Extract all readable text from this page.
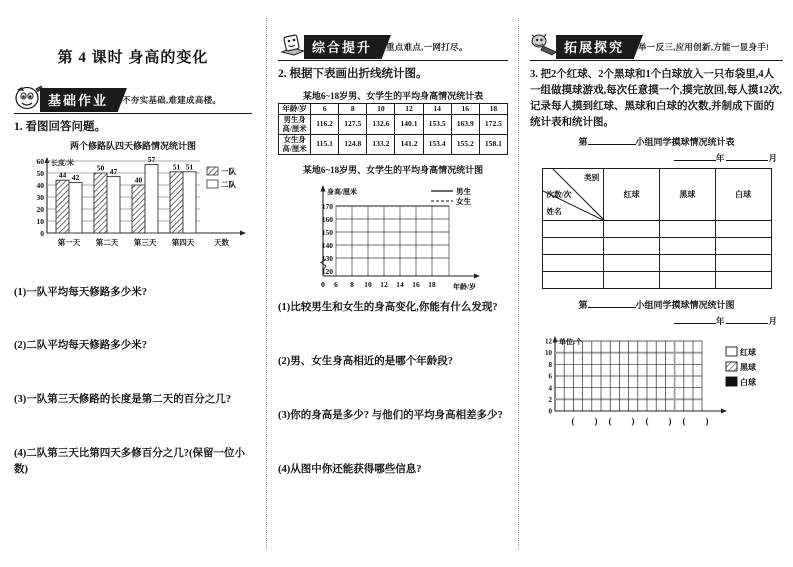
第 4 课时 身高的变化
基础作业	不夯实基础,难建成高楼。
1. 看图回答问题。
两个修路队四天修路情况统计图
长度/米
天数
0
10
20
30
40
50
60
44 42
50 47
40
57
51 51
第一天 第二天 第三天 第四天
一队
二队
(1)一队平均每天修路多少米?
(2)二队平均每天修路多少米?
(3)一队第三天修路的长度是第二天的百分之几?
(4)二队第三天比第四天多修百分之几?(保留一位小数)
综合提升	重点难点,一网打尽。
2. 根据下表画出折线统计图。
某地6~18岁男、女学生的平均身高情况统计表
年龄/岁	6	8	10	12	14	16	18
男生身高/厘米	116.2	127.5	132.6	140.1	153.5	163.9	172.5
女生身高/厘米	115.1	124.8	133.2	141.2	153.4	155.2	158.1
某地6~18岁男、女学生的平均身高情况统计图
身高/厘米
年龄/岁
120
130
140
150
160
170
0 6 8 10 12 14 16 18
男生
女生
(1)比较男生和女生的身高变化,你能有什么发现?
(2)男、女生身高相近的是哪个年龄段?
(3)你的身高是多少? 与他们的平均身高相差多少?
(4)从图中你还能获得哪些信息?
拓展探究	举一反三,应用创新,方能一显身手!
3. 把2个红球、2个黑球和1个白球放入一只布袋里,4人一组做摸球游戏,每次任意摸一个,摸完放回,每人摸12次,记录每人摸到红球、黑球和白球的次数,并制成下面的统计表和统计图。
第	小组同学摸球情况统计表
年	月
类别
次数/次
姓名	红球	黑球	白球

第	小组同学摸球情况统计图
年	月
单位:个
0
2
4
6
8
10
12
( ) ( ) ( ) ( )
红球
黑球
白球
